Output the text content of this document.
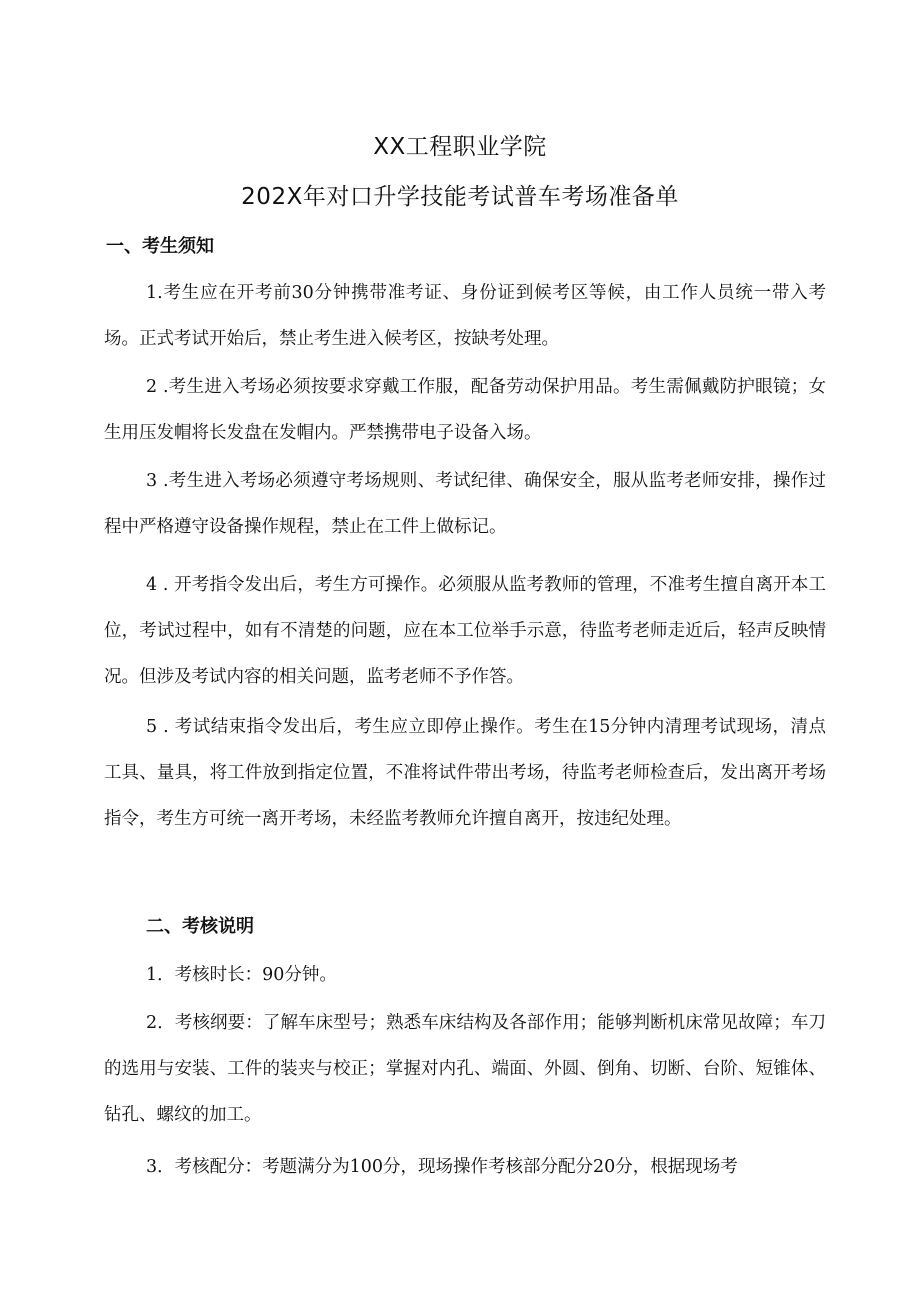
XX工程职业学院
202X年对口升学技能考试普车考场准备单
一、考生须知
1.考生应在开考前30分钟携带准考证、身份证到候考区等候，由工作人员统一带入考场。正式考试开始后，禁止考生进入候考区，按缺考处理。
2 .考生进入考场必须按要求穿戴工作服，配备劳动保护用品。考生需佩戴防护眼镜；女生用压发帽将长发盘在发帽内。严禁携带电子设备入场。
3 .考生进入考场必须遵守考场规则、考试纪律、确保安全，服从监考老师安排，操作过程中严格遵守设备操作规程，禁止在工件上做标记。
4 . 开考指令发出后，考生方可操作。必须服从监考教师的管理，不准考生擅自离开本工位，考试过程中，如有不清楚的问题，应在本工位举手示意，待监考老师走近后，轻声反映情况。但涉及考试内容的相关问题，监考老师不予作答。
5 . 考试结束指令发出后，考生应立即停止操作。考生在15分钟内清理考试现场，清点工具、量具，将工件放到指定位置，不准将试件带出考场，待监考老师检查后，发出离开考场指令，考生方可统一离开考场，未经监考教师允许擅自离开，按违纪处理。
二、考核说明
1．考核时长：90分钟。
2．考核纲要：了解车床型号；熟悉车床结构及各部作用；能够判断机床常见故障；车刀的选用与安装、工件的装夹与校正；掌握对内孔、端面、外圆、倒角、切断、台阶、短锥体、钻孔、螺纹的加工。
3．考核配分：考题满分为100分，现场操作考核部分配分20分，根据现场考
